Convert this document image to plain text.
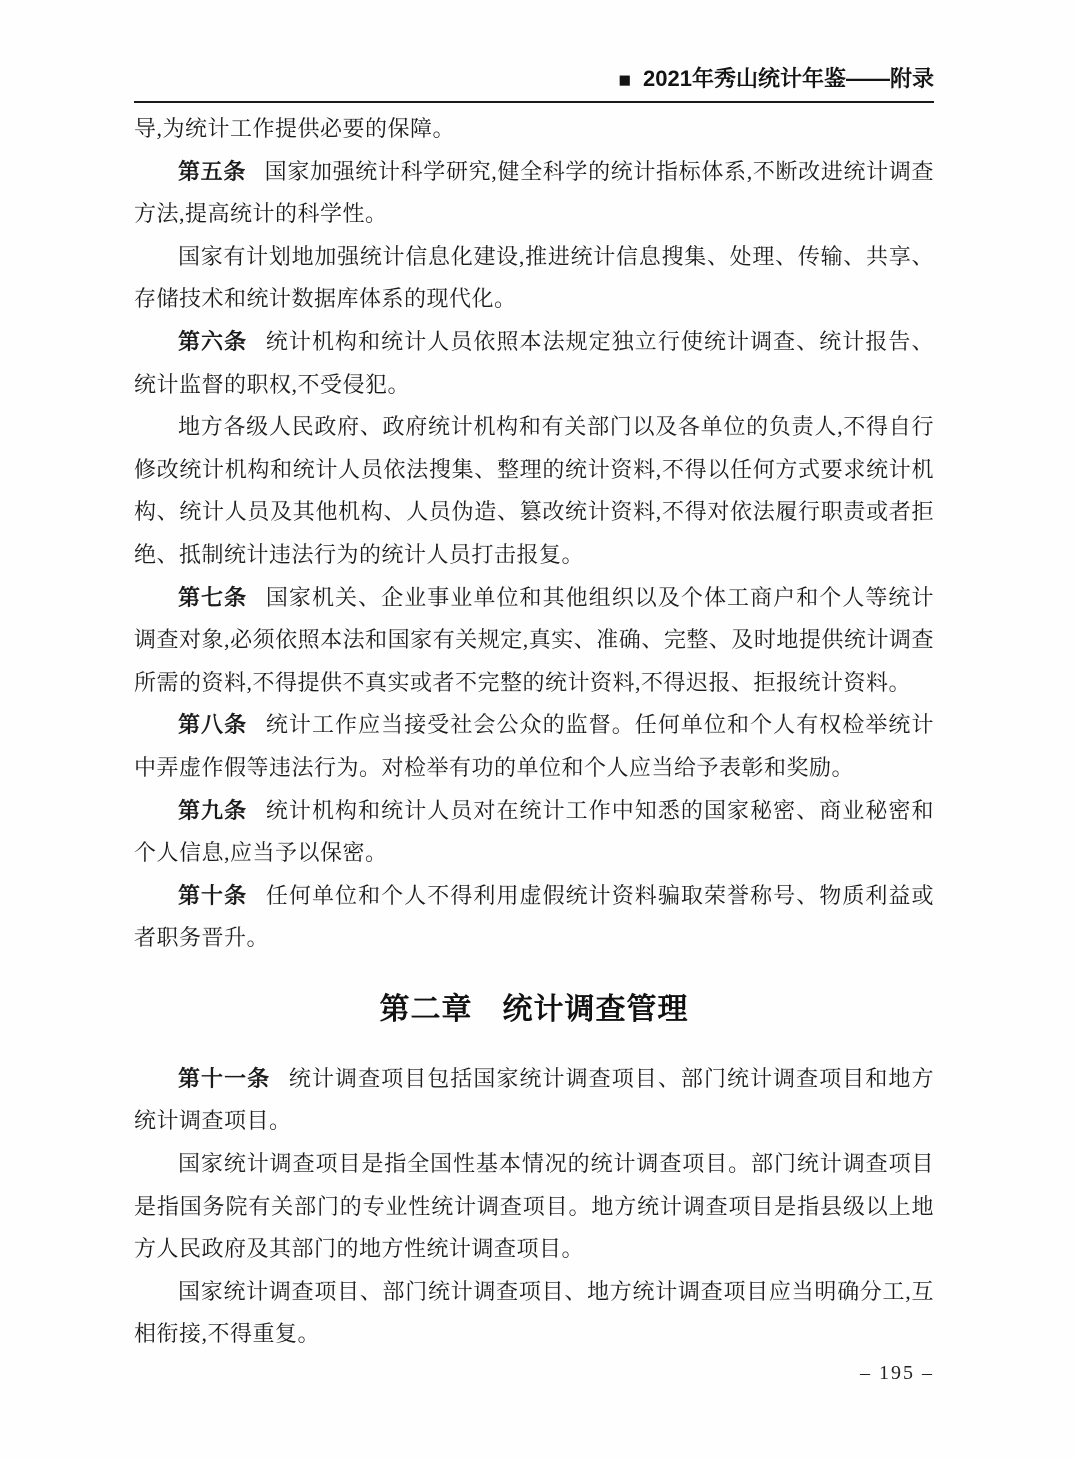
■ 2021年秀山统计年鉴——附录

导,为统计工作提供必要的保障。

第五条 国家加强统计科学研究,健全科学的统计指标体系,不断改进统计调查方法,提高统计的科学性。

国家有计划地加强统计信息化建设,推进统计信息搜集、处理、传输、共享、存储技术和统计数据库体系的现代化。

第六条 统计机构和统计人员依照本法规定独立行使统计调查、统计报告、统计监督的职权,不受侵犯。

地方各级人民政府、政府统计机构和有关部门以及各单位的负责人,不得自行修改统计机构和统计人员依法搜集、整理的统计资料,不得以任何方式要求统计机构、统计人员及其他机构、人员伪造、篡改统计资料,不得对依法履行职责或者拒绝、抵制统计违法行为的统计人员打击报复。

第七条 国家机关、企业事业单位和其他组织以及个体工商户和个人等统计调查对象,必须依照本法和国家有关规定,真实、准确、完整、及时地提供统计调查所需的资料,不得提供不真实或者不完整的统计资料,不得迟报、拒报统计资料。

第八条 统计工作应当接受社会公众的监督。任何单位和个人有权检举统计中弄虚作假等违法行为。对检举有功的单位和个人应当给予表彰和奖励。

第九条 统计机构和统计人员对在统计工作中知悉的国家秘密、商业秘密和个人信息,应当予以保密。

第十条 任何单位和个人不得利用虚假统计资料骗取荣誉称号、物质利益或者职务晋升。

第二章 统计调查管理

第十一条 统计调查项目包括国家统计调查项目、部门统计调查项目和地方统计调查项目。

国家统计调查项目是指全国性基本情况的统计调查项目。部门统计调查项目是指国务院有关部门的专业性统计调查项目。地方统计调查项目是指县级以上地方人民政府及其部门的地方性统计调查项目。

国家统计调查项目、部门统计调查项目、地方统计调查项目应当明确分工,互相衔接,不得重复。

– 195 –
